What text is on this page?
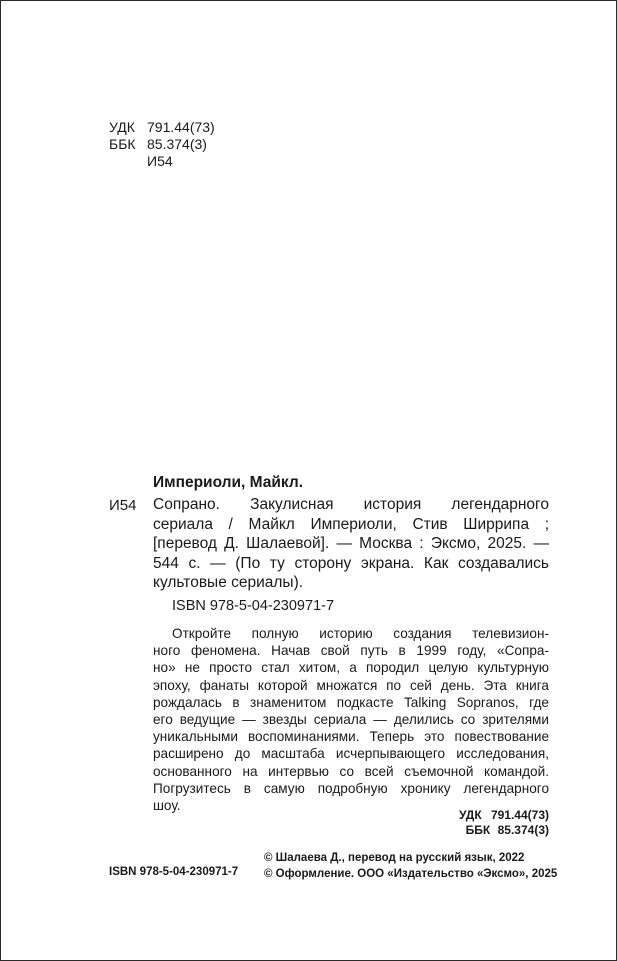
УДК 791.44(73)
ББК 85.374(3)
И54
Империоли, Майкл.
И54 Сопрано. Закулисная история легендарного
сериала / Майкл Империоли, Стив Ширрипа ;
[перевод Д. Шалаевой]. — Москва : Эксмо, 2025. —
544 с. — (По ту сторону экрана. Как создавались
культовые сериалы).
ISBN 978-5-04-230971-7
Откройте полную историю создания телевизион-
ного феномена. Начав свой путь в 1999 году, «Сопра-
но» не просто стал хитом, а породил целую культурную
эпоху, фанаты которой множатся по сей день. Эта книга
рождалась в знаменитом подкасте Talking Sopranos, где
его ведущие — звезды сериала — делились со зрителями
уникальными воспоминаниями. Теперь это повествование
расширено до масштаба исчерпывающего исследования,
основанного на интервью со всей съемочной командой.
Погрузитесь в самую подробную хронику легендарного
шоу.
УДК 791.44(73)
ББК 85.374(3)
ISBN 978-5-04-230971-7
© Шалаева Д., перевод на русский язык, 2022
© Оформление. ООО «Издательство «Эксмо», 2025
